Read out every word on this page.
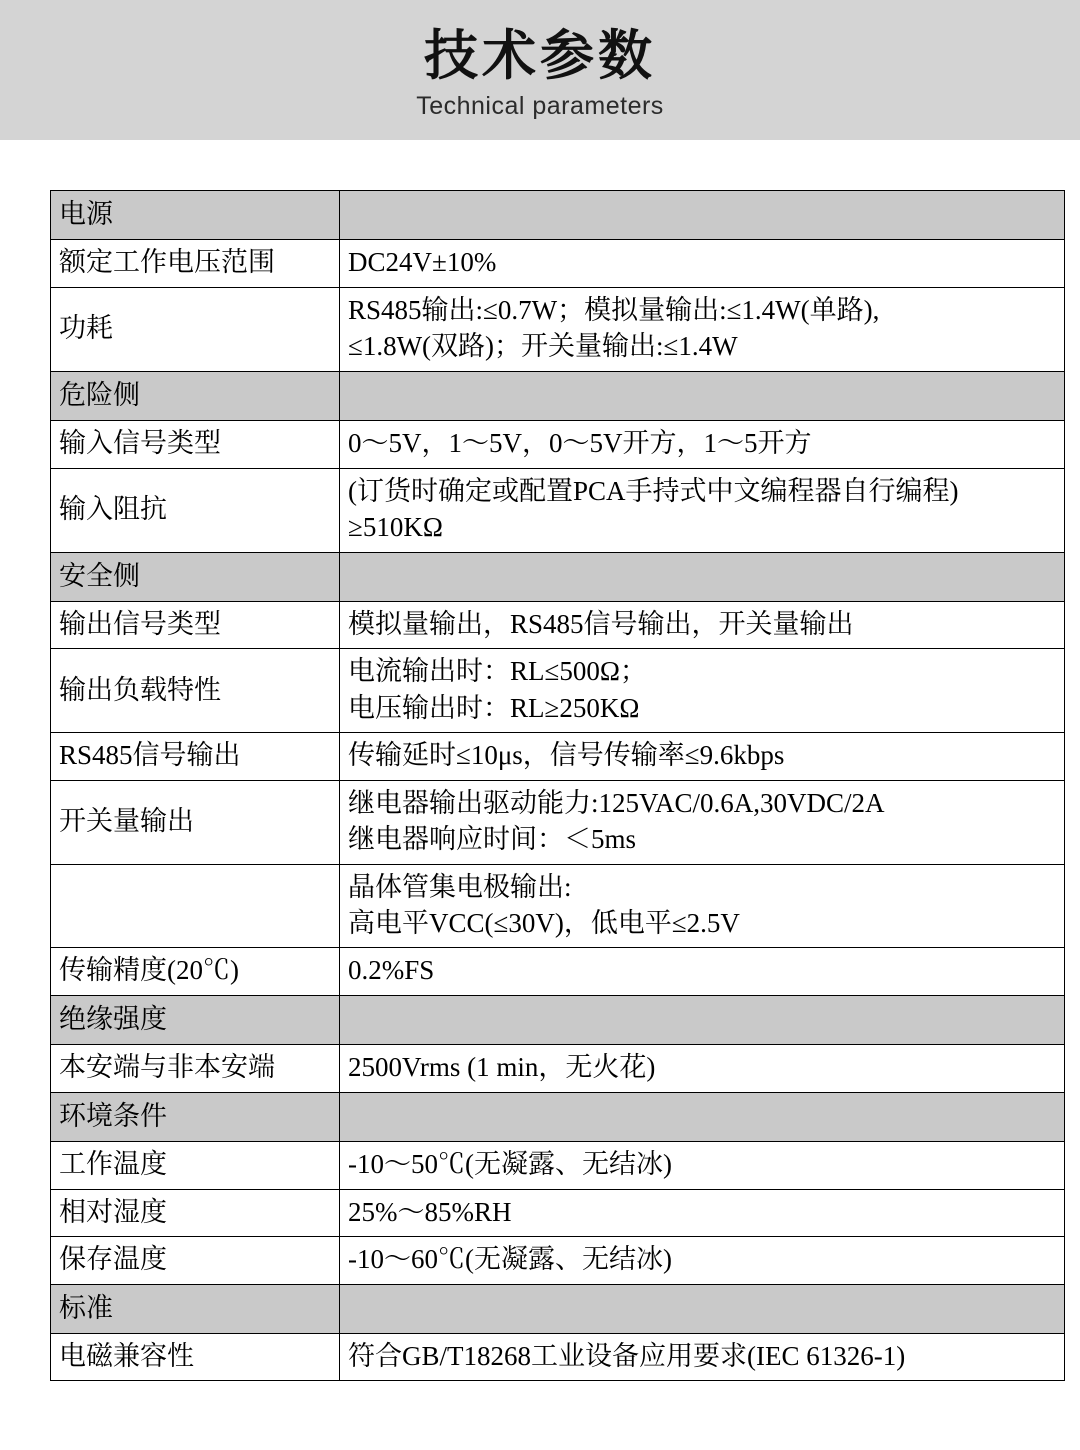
技术参数
Technical parameters
电源	
额定工作电压范围	DC24V±10%
功耗	RS485输出:≤0.7W；模拟量输出:≤1.4W(单路),
≤1.8W(双路)；开关量输出:≤1.4W

危险侧	
输入信号类型	0～5V，1～5V，0～5V开方，1～5开方
输入阻抗	(订货时确定或配置PCA手持式中文编程器自行编程)
≥510KΩ

安全侧	
输出信号类型	模拟量输出，RS485信号输出，开关量输出
输出负载特性	电流输出时：RL≤500Ω；
电压输出时：RL≥250KΩ

RS485信号输出	传输延时≤10μs，信号传输率≤9.6kbps
开关量输出	继电器输出驱动能力:125VAC/0.6A,30VDC/2A
继电器响应时间：＜5ms

	晶体管集电极输出:
高电平VCC(≤30V)，低电平≤2.5V

传输精度(20℃)	0.2%FS
绝缘强度	
本安端与非本安端	2500Vrms (1 min，无火花)
环境条件	
工作温度	-10～50℃(无凝露、无结冰)
相对湿度	25%～85%RH
保存温度	-10～60℃(无凝露、无结冰)
标准	
电磁兼容性	符合GB/T18268工业设备应用要求(IEC 61326-1)
